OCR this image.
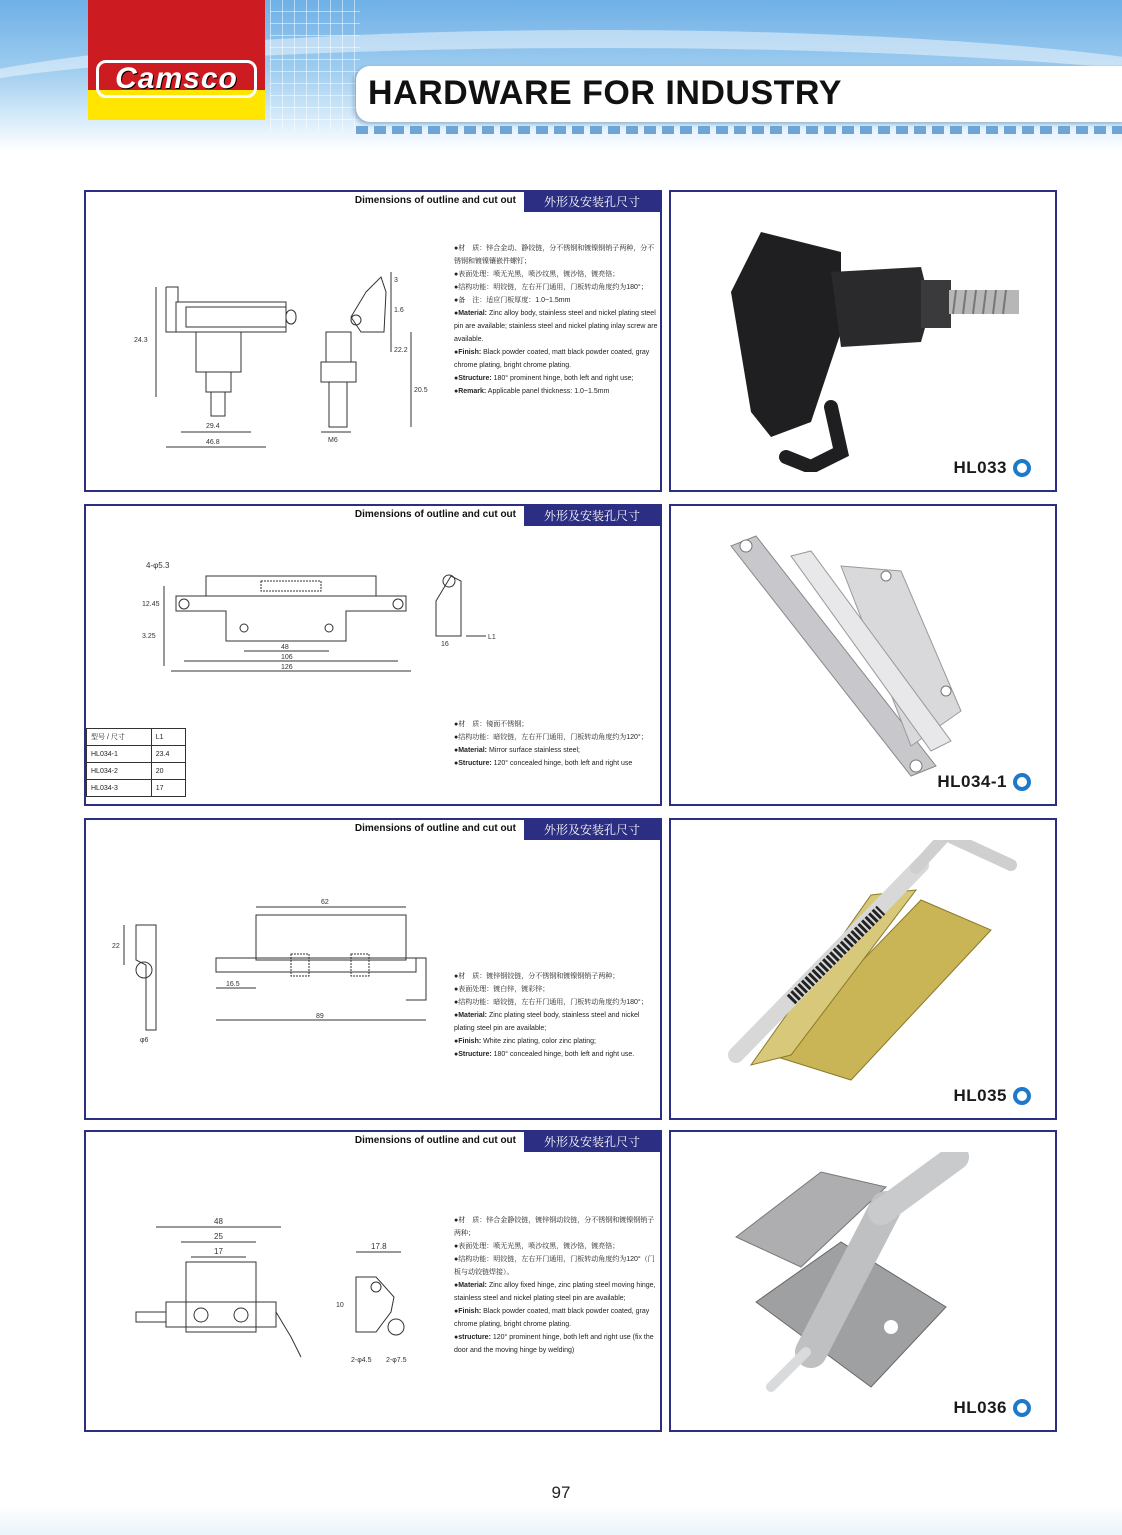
Camsco	HARDWARE FOR INDUSTRY
Dimensions of outline and cut out	外形及安装孔尺寸
24.3
29.4
46.8
3
1.6
22.2
20.5
M6

●材　质：锌合金动、静铰链，分不锈钢和镀镍钢销子两种，分不锈钢和镀镍镶嵌件螺钉；

●表面处理：喷无光黑，喷沙纹黑，镀沙铬，镀亮铬；

●结构功能：明铰链，左右开门通用，门板转动角度约为180°；

●备　注：适应门板厚度：1.0~1.5mm

●Material: Zinc alloy body, stainless steel and nickel plating steel pin are available; stainless steel and nickel plating inlay screw are available.

●Finish: Black powder coated, matt black powder coated, gray chrome plating, bright chrome plating.

●Structure: 180° prominent hinge, both left and right use;

●Remark: Applicable panel thickness: 1.0~1.5mm

HL033
Dimensions of outline and cut out	外形及安装孔尺寸
4-φ5.3
12.45
3.25
48
106
126
L1
16
型号 / 尺寸	L1
HL034-1	23.4
HL034-2	20
HL034-3	17

●材　质：镜面不锈钢；

●结构功能：暗铰链，左右开门通用，门板转动角度约为120°；

●Material: Mirror surface stainless steel;

●Structure: 120° concealed hinge, both left and right use

HL034-1
Dimensions of outline and cut out	外形及安装孔尺寸
62
16.5
89
22
φ6

●材　质：镀锌钢铰链，分不锈钢和镀镍钢销子两种；

●表面处理：镀白锌，镀彩锌；

●结构功能：暗铰链，左右开门通用，门板转动角度约为180°；

●Material: Zinc plating steel body, stainless steel and nickel plating steel pin are available;

●Finish: White zinc plating, color zinc plating;

●Structure: 180° concealed hinge, both left and right use.

HL035
Dimensions of outline and cut out	外形及安装孔尺寸
48
25
17
17.8
10
2-φ4.5 2-φ7.5

●材　质：锌合金静铰链，镀锌钢动铰链，分不锈钢和镀镍钢销子两种；

●表面处理：喷无光黑，喷沙纹黑，镀沙铬，镀亮铬；

●结构功能：明铰链，左右开门通用，门板转动角度约为120°（门板与动铰链焊接）。

●Material: Zinc alloy fixed hinge, zinc plating steel moving hinge, stainless steel and nickel plating steel pin are available;

●Finish: Black powder coated, matt black powder coated, gray chrome plating, bright chrome plating.

●structure: 120° prominent hinge, both left and right use (fix the door and the moving hinge by welding)

HL036
97
